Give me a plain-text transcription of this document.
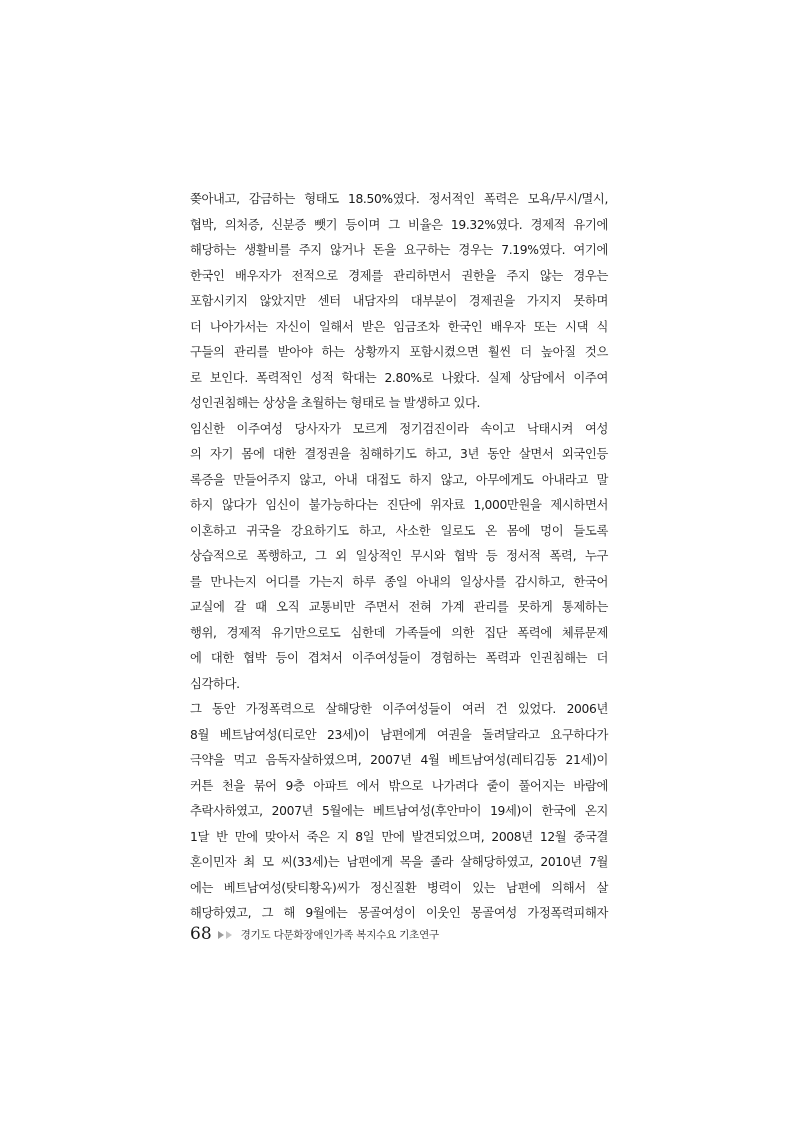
쫒아내고, 감금하는 형태도 18.50%였다. 정서적인 폭력은 모욕/무시/멸시,
협박, 의처증, 신분증 뺏기 등이며 그 비율은 19.32%였다. 경제적 유기에
해당하는 생활비를 주지 않거나 돈을 요구하는 경우는 7.19%였다. 여기에
한국인 배우자가 전적으로 경제를 관리하면서 권한을 주지 않는 경우는
포함시키지 않았지만 센터 내담자의 대부분이 경제권을 가지지 못하며
더 나아가서는 자신이 일해서 받은 임금조차 한국인 배우자 또는 시댁 식
구들의 관리를 받아야 하는 상황까지 포함시켰으면 훨씬 더 높아질 것으
로 보인다. 폭력적인 성적 학대는 2.80%로 나왔다. 실제 상담에서 이주여
성인권침해는 상상을 초월하는 형태로 늘 발생하고 있다.
임신한 이주여성 당사자가 모르게 정기검진이라 속이고 낙태시켜 여성
의 자기 몸에 대한 결정권을 침해하기도 하고, 3년 동안 살면서 외국인등
록증을 만들어주지 않고, 아내 대접도 하지 않고, 아무에게도 아내라고 말
하지 않다가 임신이 불가능하다는 진단에 위자료 1,000만원을 제시하면서
이혼하고 귀국을 강요하기도 하고, 사소한 일로도 온 몸에 멍이 들도록
상습적으로 폭행하고, 그 외 일상적인 무시와 협박 등 정서적 폭력, 누구
를 만나는지 어디를 가는지 하루 종일 아내의 일상사를 감시하고, 한국어
교실에 갈 때 오직 교통비만 주면서 전혀 가계 관리를 못하게 통제하는
행위, 경제적 유기만으로도 심한데 가족들에 의한 집단 폭력에 체류문제
에 대한 협박 등이 겹쳐서 이주여성들이 경험하는 폭력과 인권침해는 더
심각하다.
그 동안 가정폭력으로 살해당한 이주여성들이 여러 건 있었다. 2006년
8월 베트남여성(티로안 23세)이 남편에게 여권을 돌려달라고 요구하다가
극약을 먹고 음독자살하였으며, 2007년 4월 베트남여성(레티김동 21세)이
커튼 천을 묶어 9층 아파트 에서 밖으로 나가려다 줄이 풀어지는 바람에
추락사하였고, 2007년 5월에는 베트남여성(후안마이 19세)이 한국에 온지
1달 반 만에 맞아서 죽은 지 8일 만에 발견되었으며, 2008년 12월 중국결
혼이민자 최 모 씨(33세)는 남편에게 목을 졸라 살해당하였고, 2010년 7월
에는 베트남여성(탓티황옥)씨가 정신질환 병력이 있는 남편에 의해서 살
해당하였고, 그 해 9월에는 몽골여성이 이웃인 몽골여성 가정폭력피해자
68	경기도 다문화장애인가족 복지수요 기초연구
